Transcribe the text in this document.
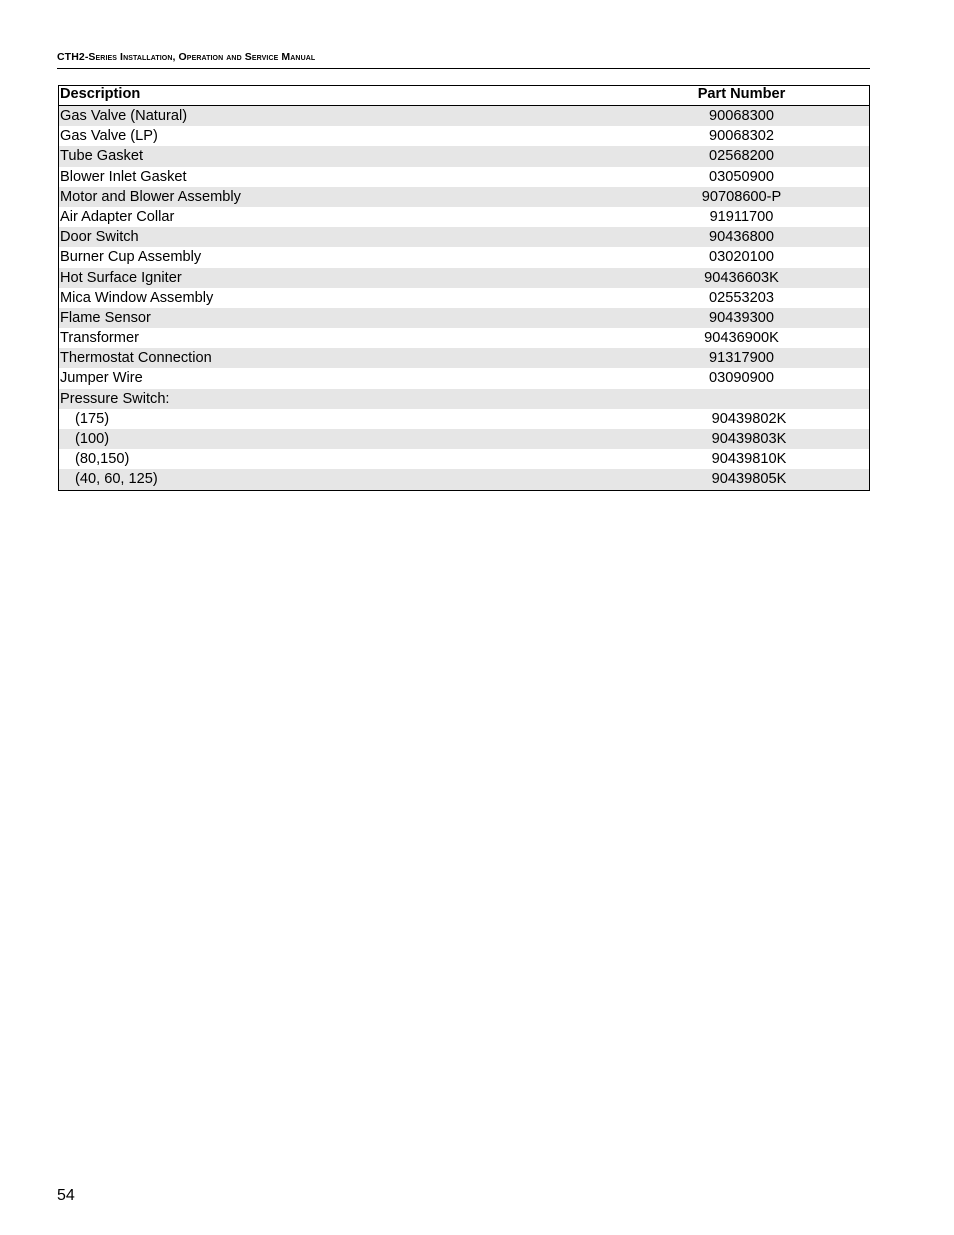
CTH2-Series Installation, Operation and Service Manual
Description	Part Number
Gas Valve (Natural)	90068300
Gas Valve (LP)	90068302
Tube Gasket	02568200
Blower Inlet Gasket	03050900
Motor and Blower Assembly	90708600-P
Air Adapter Collar	91911700
Door Switch	90436800
Burner Cup Assembly	03020100
Hot Surface Igniter	90436603K
Mica Window Assembly	02553203
Flame Sensor	90439300
Transformer	90436900K
Thermostat Connection	91317900
Jumper Wire	03090900
Pressure Switch:
(175)	90439802K
(100)	90439803K
(80,150)	90439810K
(40, 60, 125)	90439805K
54
